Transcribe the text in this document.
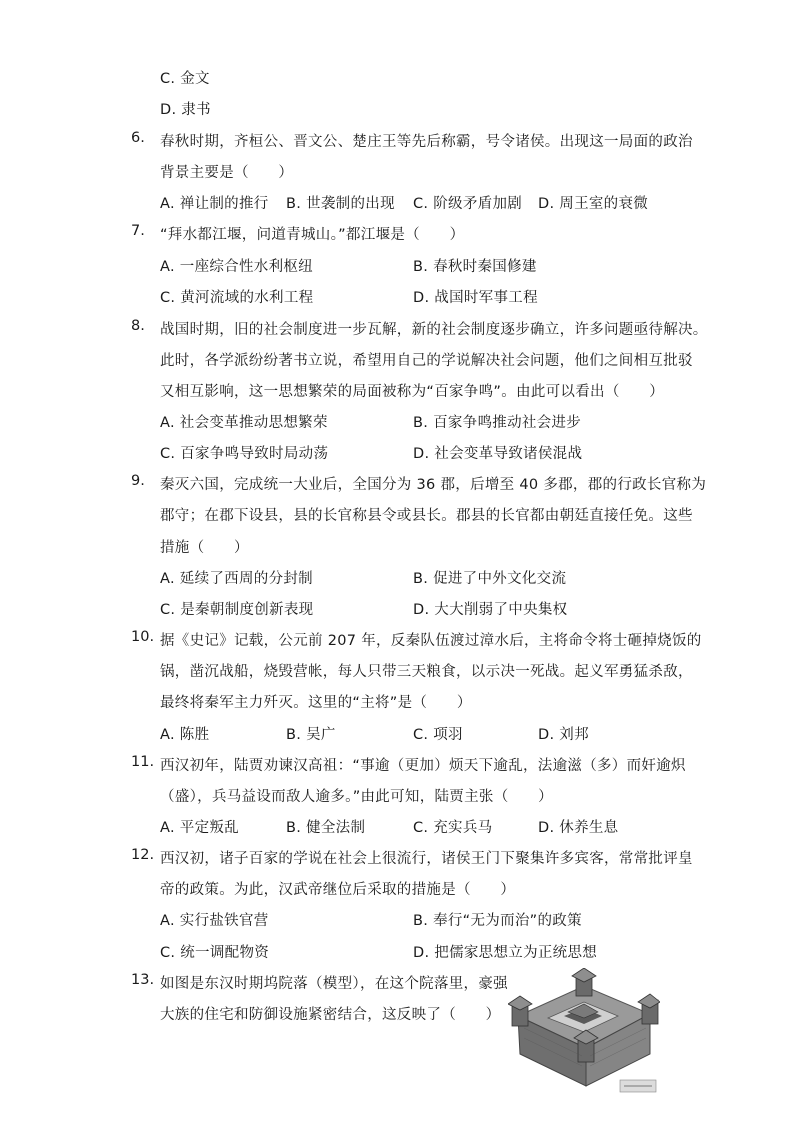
C. 金文
D. 隶书
6. 春秋时期，齐桓公、晋文公、楚庄王等先后称霸，号令诸侯。出现这一局面的政治
背景主要是（　　）
A. 禅让制的推行 B. 世袭制的出现 C. 阶级矛盾加剧 D. 周王室的衰微
7. “拜水都江堰，问道青城山。”都江堰是（　　）
A. 一座综合性水利枢纽	B. 春秋时秦国修建
C. 黄河流域的水利工程	D. 战国时军事工程
8. 战国时期，旧的社会制度进一步瓦解，新的社会制度逐步确立，许多问题亟待解决。
此时，各学派纷纷著书立说，希望用自己的学说解决社会问题，他们之间相互批驳
又相互影响，这一思想繁荣的局面被称为“百家争鸣”。由此可以看出（　　）
A. 社会变革推动思想繁荣	B. 百家争鸣推动社会进步
C. 百家争鸣导致时局动荡	D. 社会变革导致诸侯混战
9. 秦灭六国，完成统一大业后，全国分为 36 郡，后增至 40 多郡，郡的行政长官称为
郡守；在郡下设县，县的长官称县令或县长。郡县的长官都由朝廷直接任免。这些
措施（　　）
A. 延续了西周的分封制	B. 促进了中外文化交流
C. 是秦朝制度创新表现	D. 大大削弱了中央集权
10. 据《史记》记载，公元前 207 年，反秦队伍渡过漳水后，主将命令将士砸掉烧饭的
锅，凿沉战船，烧毁营帐，每人只带三天粮食，以示决一死战。起义军勇猛杀敌，
最终将秦军主力歼灭。这里的“主将”是（　　）
A. 陈胜	B. 吴广	C. 项羽	D. 刘邦
11. 西汉初年，陆贾劝谏汉高祖：“事逾（更加）烦天下逾乱，法逾滋（多）而奸逾炽
（盛），兵马益设而敌人逾多。”由此可知，陆贾主张（　　）
A. 平定叛乱	B. 健全法制	C. 充实兵马	D. 休养生息
12. 西汉初，诸子百家的学说在社会上很流行，诸侯王门下聚集许多宾客，常常批评皇
帝的政策。为此，汉武帝继位后采取的措施是（　　）
A. 实行盐铁官营	B. 奉行“无为而治”的政策
C. 统一调配物资	D. 把儒家思想立为正统思想
13. 如图是东汉时期坞院落（模型），在这个院落里，豪强
大族的住宅和防御设施紧密结合，这反映了（　　）
